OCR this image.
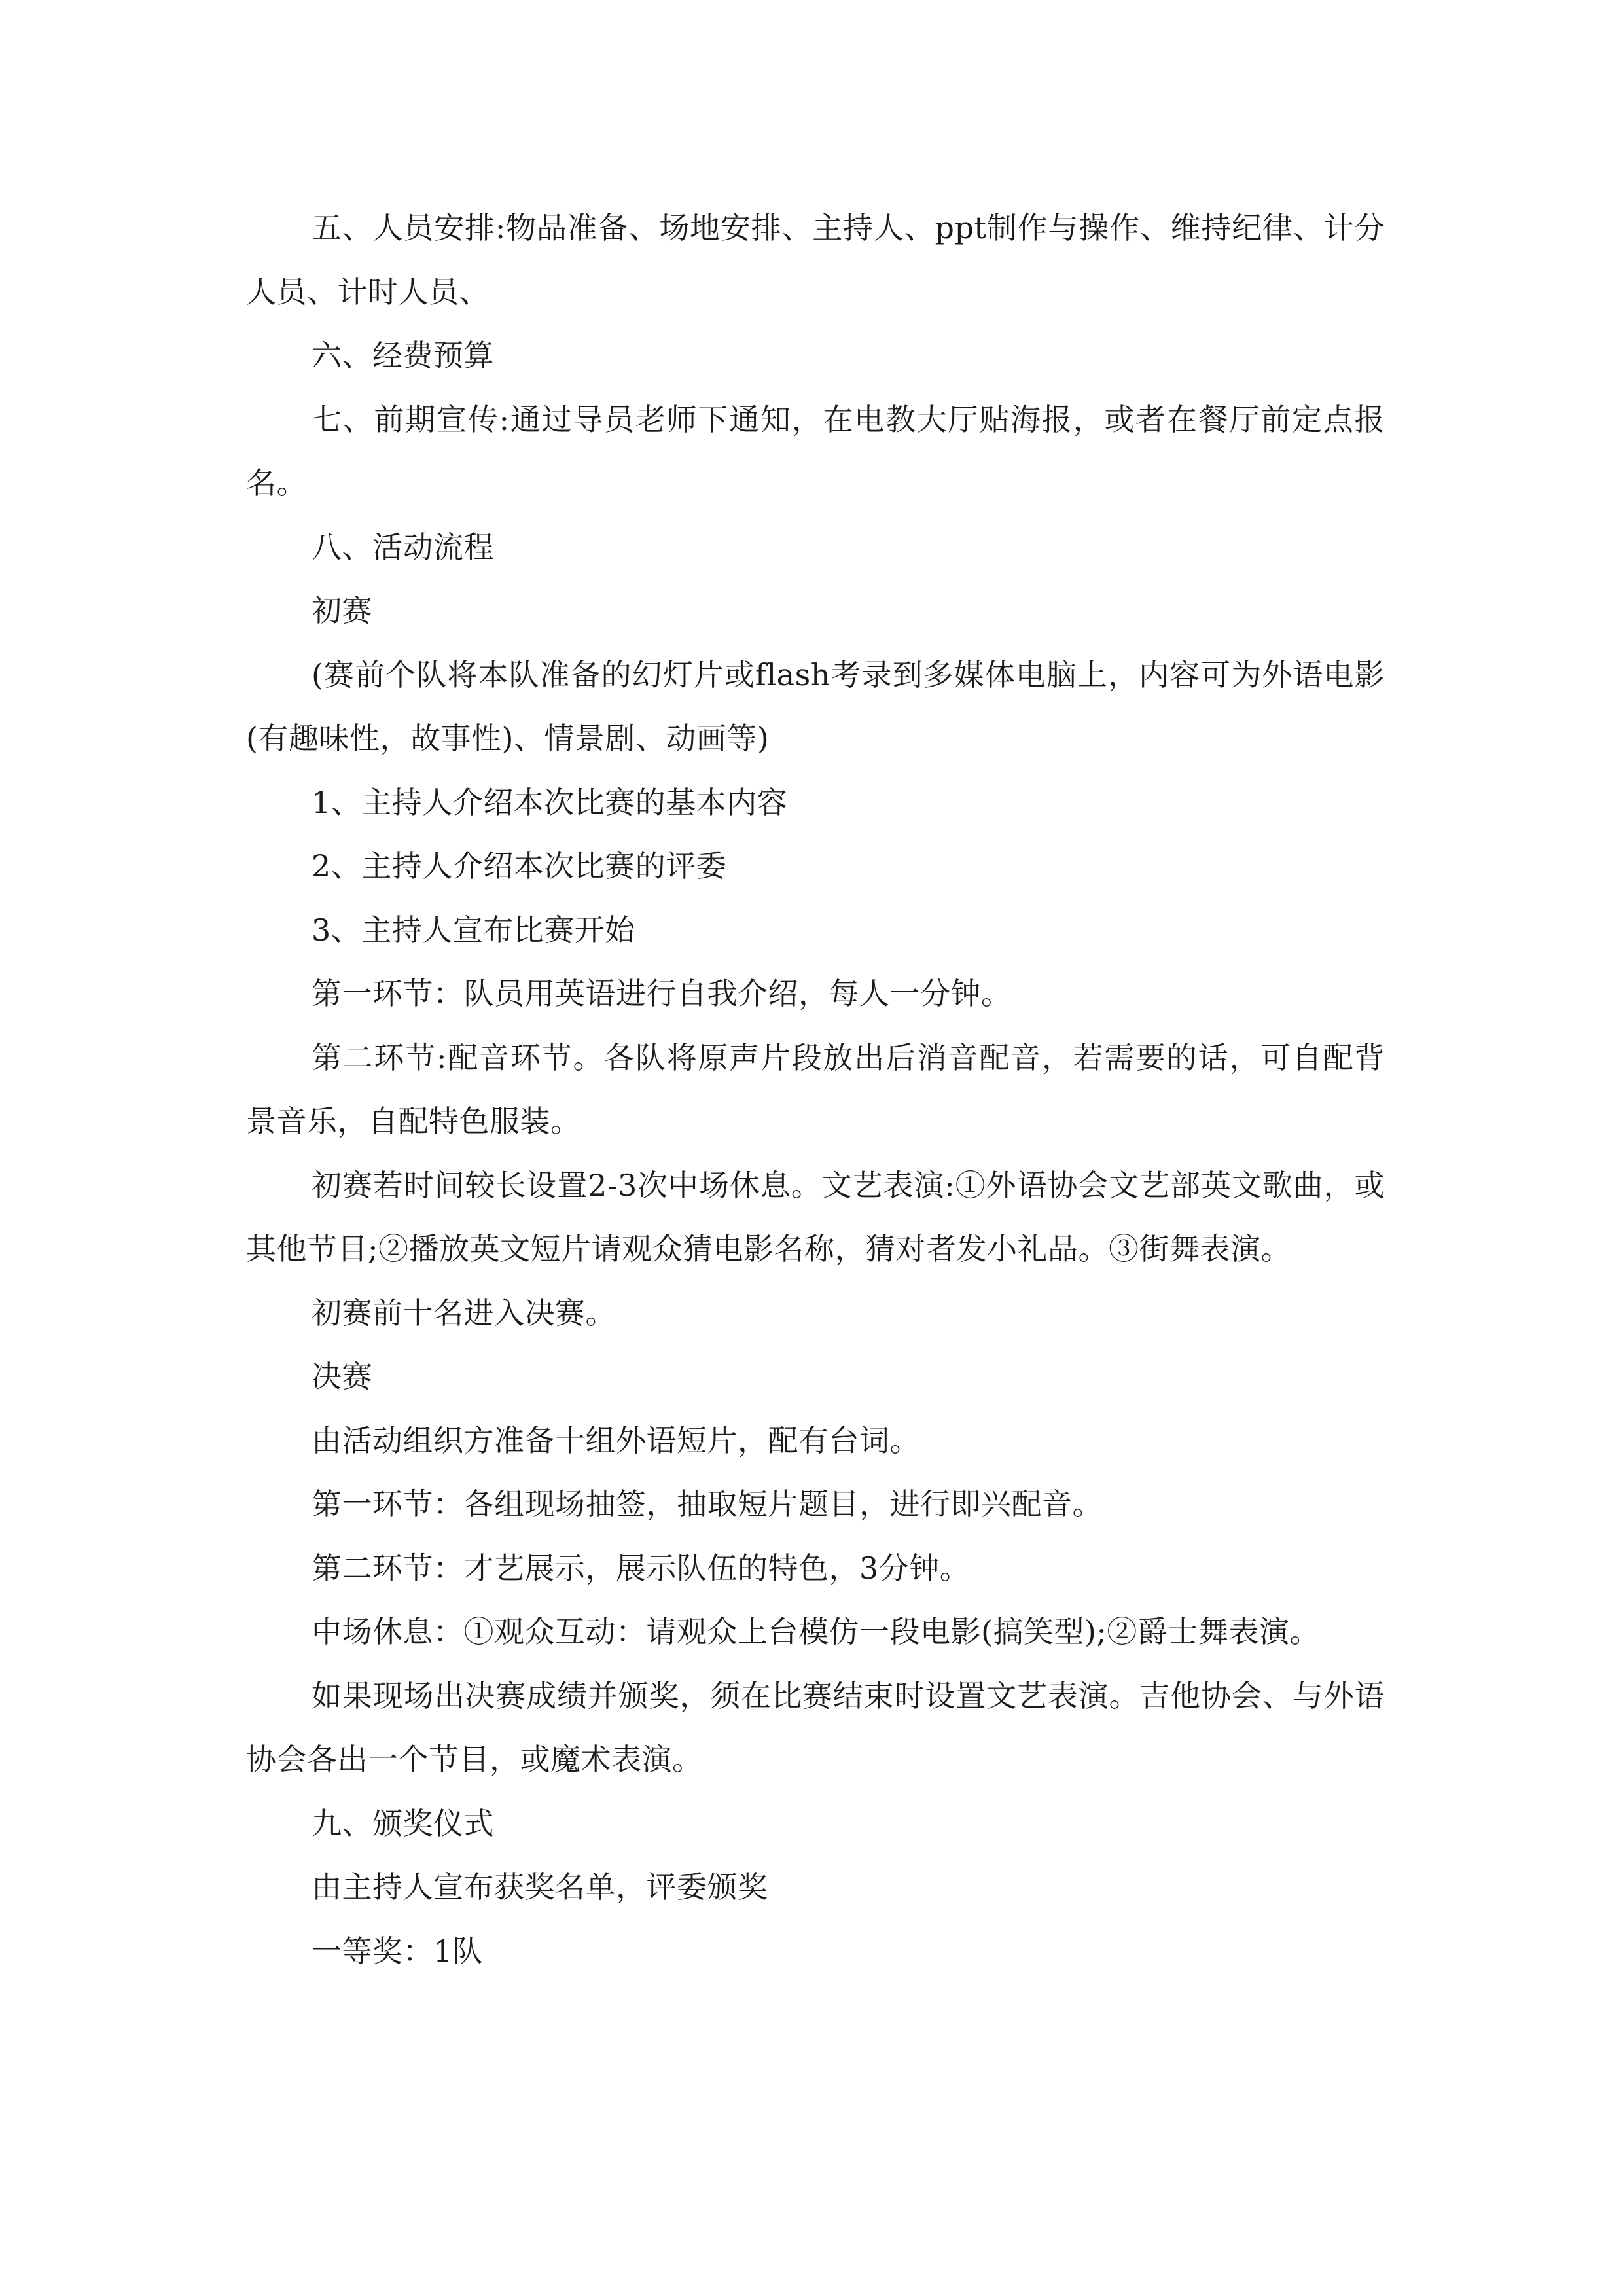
五、人员安排:物品准备、场地安排、主持人、ppt制作与操作、维持纪律、计分人员、计时人员、

六、经费预算

七、前期宣传:通过导员老师下通知，在电教大厅贴海报，或者在餐厅前定点报名。

八、活动流程

初赛

(赛前个队将本队准备的幻灯片或flash考录到多媒体电脑上，内容可为外语电影(有趣味性，故事性)、情景剧、动画等)

1、主持人介绍本次比赛的基本内容

2、主持人介绍本次比赛的评委

3、主持人宣布比赛开始

第一环节：队员用英语进行自我介绍，每人一分钟。

第二环节:配音环节。各队将原声片段放出后消音配音，若需要的话，可自配背景音乐，自配特色服装。

初赛若时间较长设置2-3次中场休息。文艺表演:①外语协会文艺部英文歌曲，或其他节目;②播放英文短片请观众猜电影名称，猜对者发小礼品。③街舞表演。

初赛前十名进入决赛。

决赛

由活动组织方准备十组外语短片，配有台词。

第一环节：各组现场抽签，抽取短片题目，进行即兴配音。

第二环节：才艺展示，展示队伍的特色，3分钟。

中场休息：①观众互动：请观众上台模仿一段电影(搞笑型);②爵士舞表演。

如果现场出决赛成绩并颁奖，须在比赛结束时设置文艺表演。吉他协会、与外语协会各出一个节目，或魔术表演。

九、颁奖仪式

由主持人宣布获奖名单，评委颁奖

一等奖：1队
